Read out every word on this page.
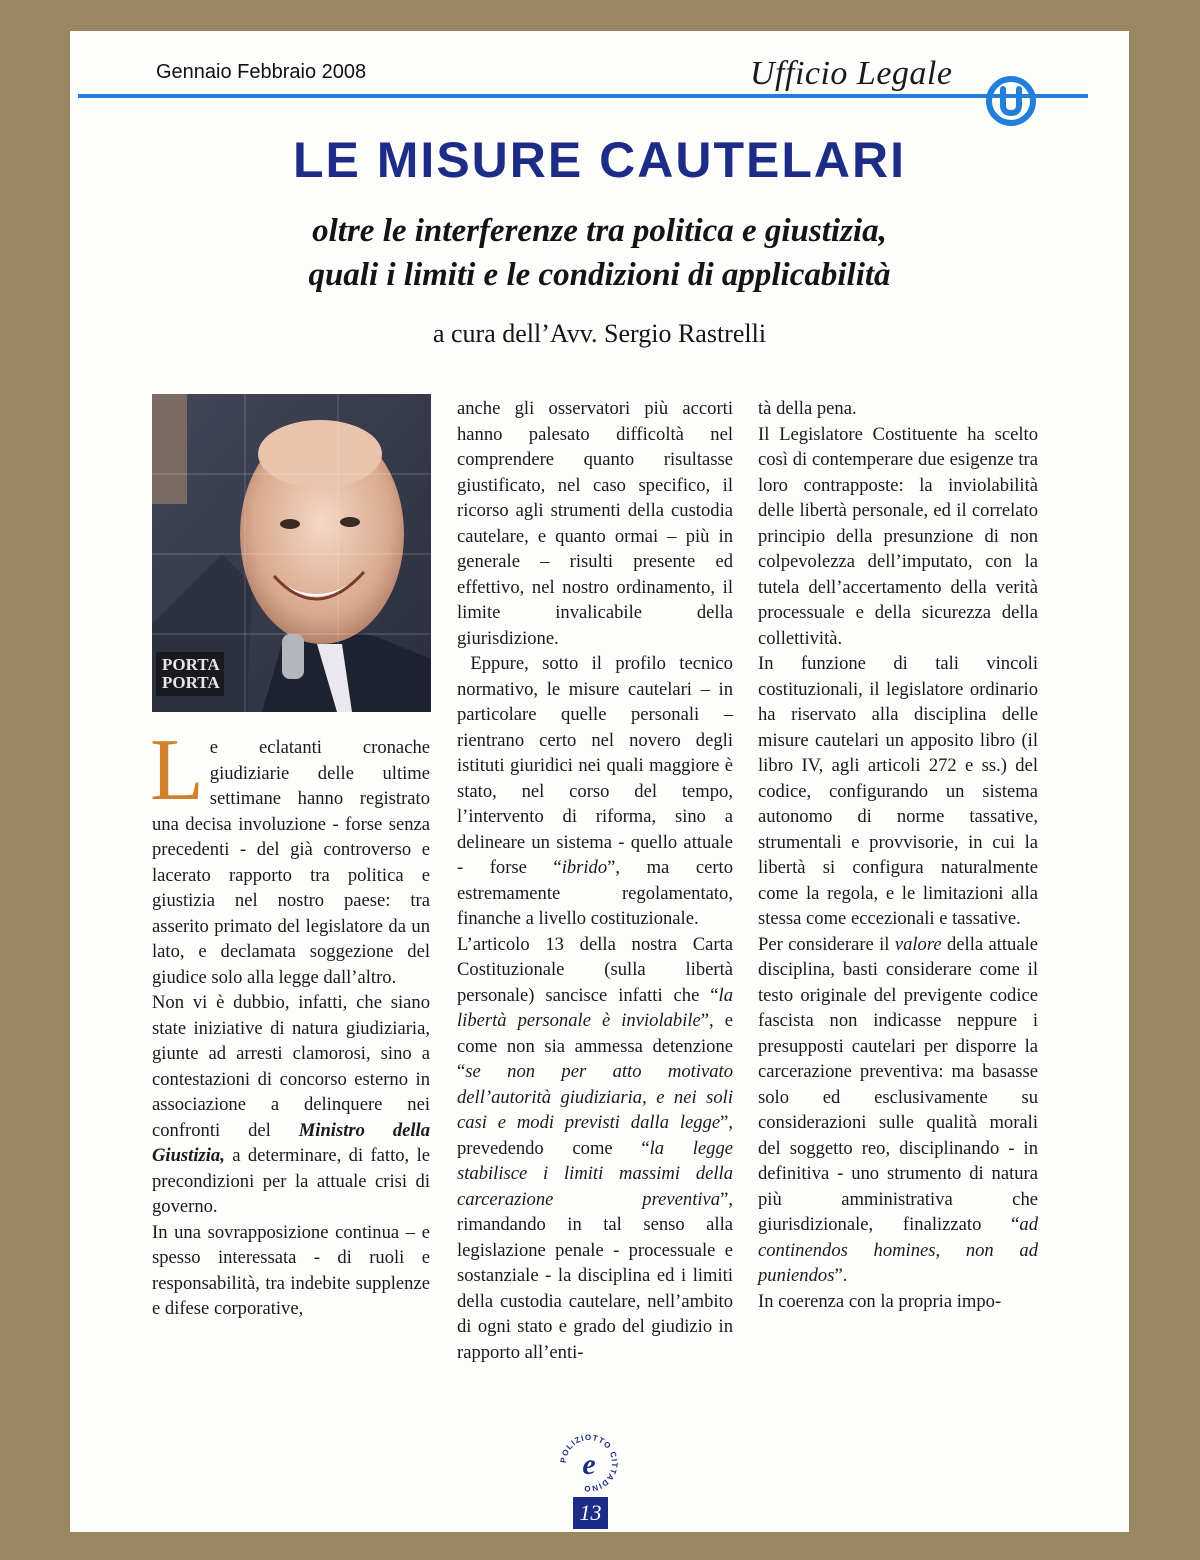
Gennaio Febbraio 2008	Ufficio Legale
LE MISURE CAUTELARI
oltre le interferenze tra politica e giustizia,
quali i limiti e le condizioni di applicabilità
a cura dell’Avv. Sergio Rastrelli
PORTA
PORTA

Le eclatanti cronache giudiziarie delle ultime settimane hanno registrato una decisa involuzione - forse senza precedenti - del già controverso e lacerato rapporto tra politica e giustizia nel nostro paese: tra asserito primato del legislatore da un lato, e declamata soggezione del giudice solo alla legge dall’altro.

Non vi è dubbio, infatti, che siano state iniziative di natura giudiziaria, giunte ad arresti clamorosi, sino a contestazioni di concorso esterno in associazione a delinquere nei confronti del Ministro della Giustizia, a determinare, di fatto, le precondizioni per la attuale crisi di governo.

In una sovrapposizione continua – e spesso interessata - di ruoli e responsabilità, tra indebite supplenze e difese corporative,

anche gli osservatori più accorti hanno palesato difficoltà nel comprendere quanto risultasse giustificato, nel caso specifico, il ricorso agli strumenti della custodia cautelare, e quanto ormai – più in generale – risulti presente ed effettivo, nel nostro ordinamento, il limite invalicabile della giurisdizione.

Eppure, sotto il profilo tecnico normativo, le misure cautelari – in particolare quelle personali – rientrano certo nel novero degli istituti giuridici nei quali maggiore è stato, nel corso del tempo, l’intervento di riforma, sino a delineare un sistema - quello attuale - forse “ibrido”, ma certo estremamente regolamentato, finanche a livello costituzionale.

L’articolo 13 della nostra Carta Costituzionale (sulla libertà personale) sancisce infatti che “la libertà personale è inviolabile”, e come non sia ammessa detenzione “se non per atto motivato dell’autorità giudiziaria, e nei soli casi e modi previsti dalla legge”, prevedendo come “la legge stabilisce i limiti massimi della carcerazione preventiva”, rimandando in tal senso alla legislazione penale - processuale e sostanziale - la disciplina ed i limiti della custodia cautelare, nell’ambito di ogni stato e grado del giudizio in rapporto all’enti-

tà della pena.

Il Legislatore Costituente ha scelto così di contemperare due esigenze tra loro contrapposte: la inviolabilità delle libertà personale, ed il correlato principio della presunzione di non colpevolezza dell’imputato, con la tutela dell’accertamento della verità processuale e della sicurezza della collettività.

In funzione di tali vincoli costituzionali, il legislatore ordinario ha riservato alla disciplina delle misure cautelari un apposito libro (il libro IV, agli articoli 272 e ss.) del codice, configurando un sistema autonomo di norme tassative, strumentali e provvisorie, in cui la libertà si configura naturalmente come la regola, e le limitazioni alla stessa come eccezionali e tassative.

Per considerare il valore della attuale disciplina, basti considerare come il testo originale del previgente codice fascista non indicasse neppure i presupposti cautelari per disporre la carcerazione preventiva: ma basasse solo ed esclusivamente su considerazioni sulle qualità morali del soggetto reo, disciplinando - in definitiva - uno strumento di natura più amministrativa che giurisdizionale, finalizzato “ad continendos homines, non ad puniendos”.

In coerenza con la propria impo-

POLIZIOTTO CITTADINO
e
13
